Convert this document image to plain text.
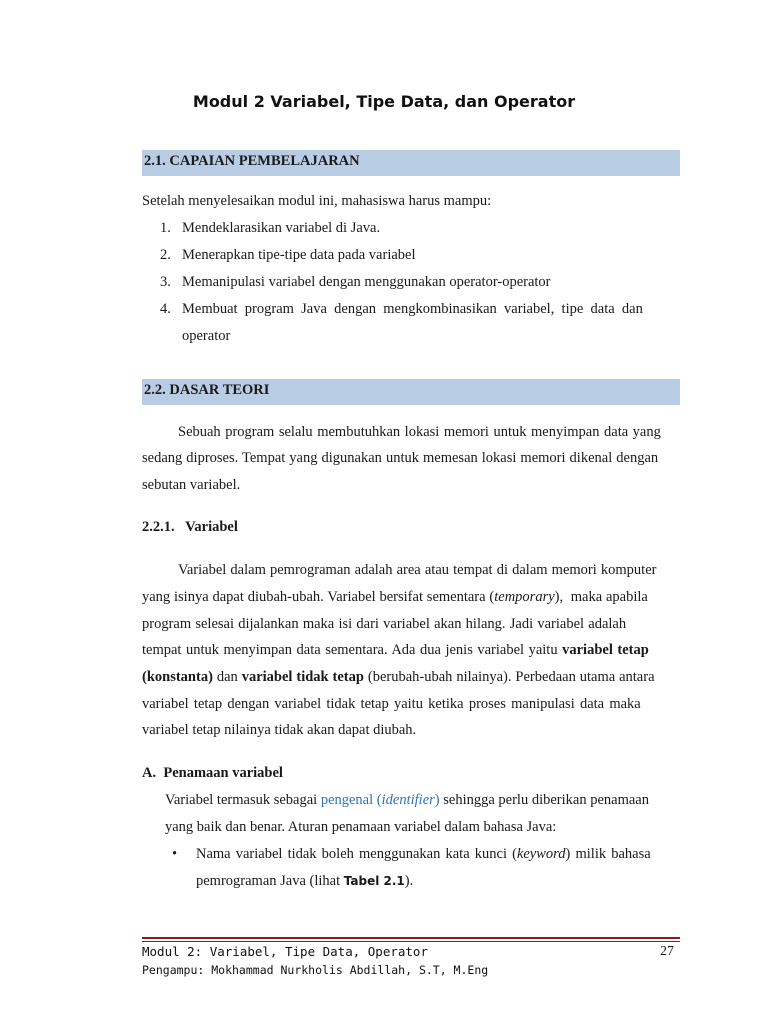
Modul 2 Variabel, Tipe Data, dan Operator
2.1. CAPAIAN PEMBELAJARAN
Setelah menyelesaikan modul ini, mahasiswa harus mampu:
1. Mendeklarasikan variabel di Java.
2. Menerapkan tipe-tipe data pada variabel
3. Memanipulasi variabel dengan menggunakan operator-operator
4. Membuat program Java dengan mengkombinasikan variabel, tipe data dan
operator
2.2. DASAR TEORI
Sebuah program selalu membutuhkan lokasi memori untuk menyimpan data yang
sedang diproses. Tempat yang digunakan untuk memesan lokasi memori dikenal dengan
sebutan variabel.
2.2.1.   Variabel
Variabel dalam pemrograman adalah area atau tempat di dalam memori komputer
yang isinya dapat diubah-ubah. Variabel bersifat sementara (temporary),  maka apabila
program selesai dijalankan maka isi dari variabel akan hilang. Jadi variabel adalah
tempat untuk menyimpan data sementara. Ada dua jenis variabel yaitu variabel tetap
(konstanta) dan variabel tidak tetap (berubah-ubah nilainya). Perbedaan utama antara
variabel tetap dengan variabel tidak tetap yaitu ketika proses manipulasi data maka
variabel tetap nilainya tidak akan dapat diubah.
A.  Penamaan variabel
Variabel termasuk sebagai pengenal (identifier) sehingga perlu diberikan penamaan
yang baik dan benar. Aturan penamaan variabel dalam bahasa Java:
• Nama variabel tidak boleh menggunakan kata kunci (keyword) milik bahasa
pemrograman Java (lihat Tabel 2.1).
Modul 2: Variabel, Tipe Data, Operator	27
Pengampu: Mokhammad Nurkholis Abdillah, S.T, M.Eng
